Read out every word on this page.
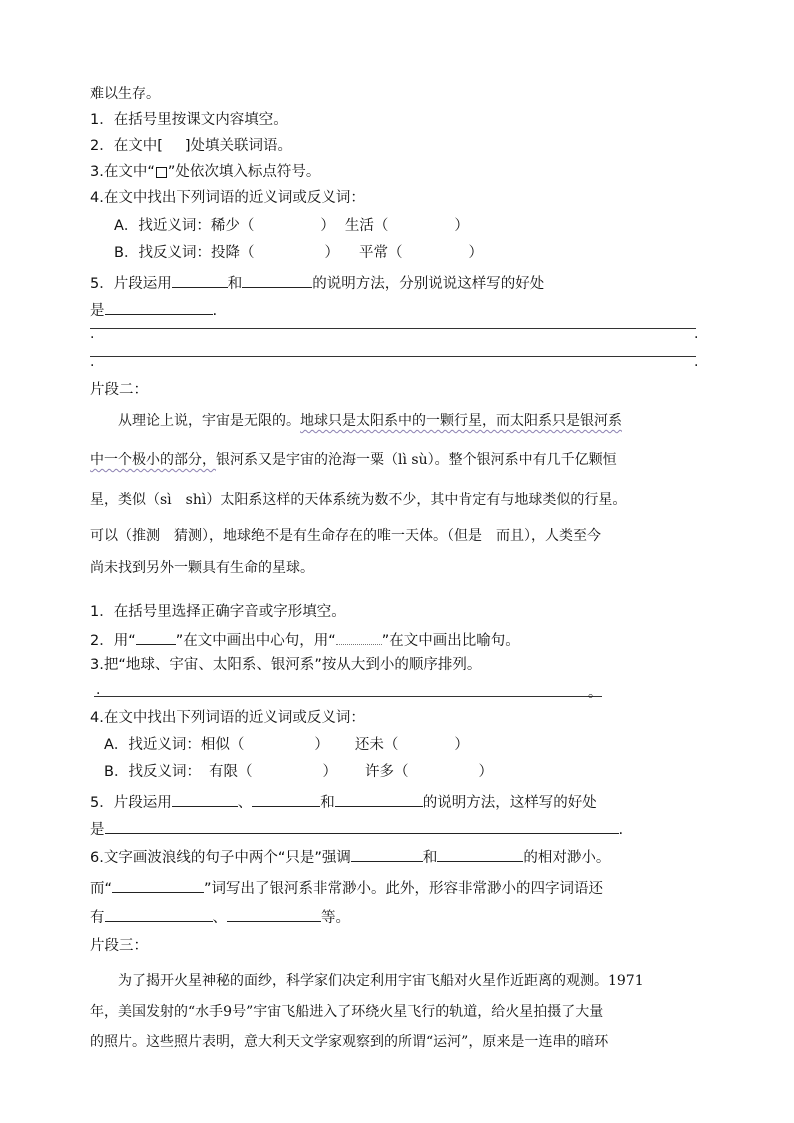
难以生存。
1．在括号里按课文内容填空。
2．在文中[ ]处填关联词语。
3.在文中“ ”处依次填入标点符号。
4.在文中找出下列词语的近义词或反义词：
A．找近义词：稀少（	） 生活（	）
B．找反义词：投降（	） 平常（	）
5．片段运用	和	的说明方法，分别说说这样写的好处
是	.
.	.
.	.
片段二：
从理论上说，宇宙是无限的。地球只是太阳系中的一颗行星，而太阳系只是银河系
中一个极小的部分，银河系又是宇宙的沧海一粟（lì sù）。整个银河系中有几千亿颗恒
星，类似（sì　shì）太阳系这样的天体系统为数不少，其中肯定有与地球类似的行星。
可以（推测　猜测），地球绝不是有生命存在的唯一天体。（但是　而且），人类至今
尚未找到另外一颗具有生命的星球。
1．在括号里选择正确字音或字形填空。
2．用“	”在文中画出中心句，用“	”在文中画出比喻句。
3.把“地球、宇宙、太阳系、银河系”按从大到小的顺序排列。
.	。
4.在文中找出下列词语的近义词或反义词：
A．找近义词：相似（	） 还未（	）
B．找反义词： 有限（	） 许多（	）
5．片段运用	、	和	的说明方法，这样写的好处
是	.
6.文字画波浪线的句子中两个“只是”强调	和	的相对渺小。
而“	”词写出了银河系非常渺小。此外，形容非常渺小的四字词语还
有	、	等。
片段三：
为了揭开火星神秘的面纱，科学家们决定利用宇宙飞船对火星作近距离的观测。1971
年，美国发射的“水手9号”宇宙飞船进入了环绕火星飞行的轨道，给火星拍摄了大量
的照片。这些照片表明，意大利天文学家观察到的所谓“运河”，原来是一连串的暗环
